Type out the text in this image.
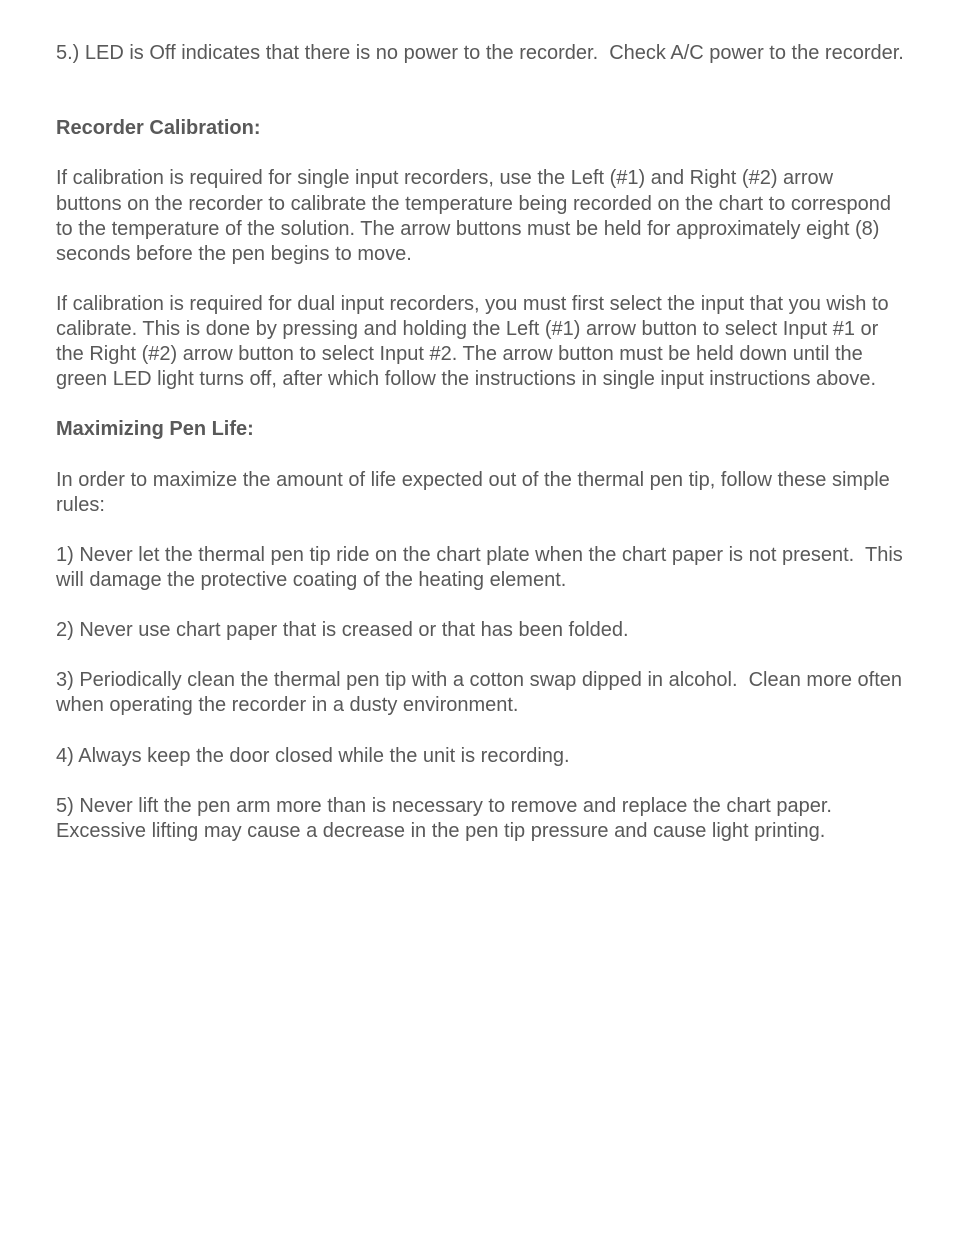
5.) LED is Off indicates that there is no power to the recorder.  Check A/C power to the recorder.

Recorder Calibration:

If calibration is required for single input recorders, use the Left (#1) and Right (#2) arrow buttons on the recorder to calibrate the temperature being recorded on the chart to correspond to the temperature of the solution. The arrow buttons must be held for approximately eight (8) seconds before the pen begins to move.

If calibration is required for dual input recorders, you must first select the input that you wish to calibrate. This is done by pressing and holding the Left (#1) arrow button to select Input #1 or the Right (#2) arrow button to select Input #2. The arrow button must be held down until the green LED light turns off, after which follow the instructions in single input instructions above.

Maximizing Pen Life:

In order to maximize the amount of life expected out of the thermal pen tip, follow these simple rules:

1) Never let the thermal pen tip ride on the chart plate when the chart paper is not present.  This will damage the protective coating of the heating element.

2) Never use chart paper that is creased or that has been folded.

3) Periodically clean the thermal pen tip with a cotton swap dipped in alcohol.  Clean more often when operating the recorder in a dusty environment.

4) Always keep the door closed while the unit is recording.

5) Never lift the pen arm more than is necessary to remove and replace the chart paper.  Excessive lifting may cause a decrease in the pen tip pressure and cause light printing.
